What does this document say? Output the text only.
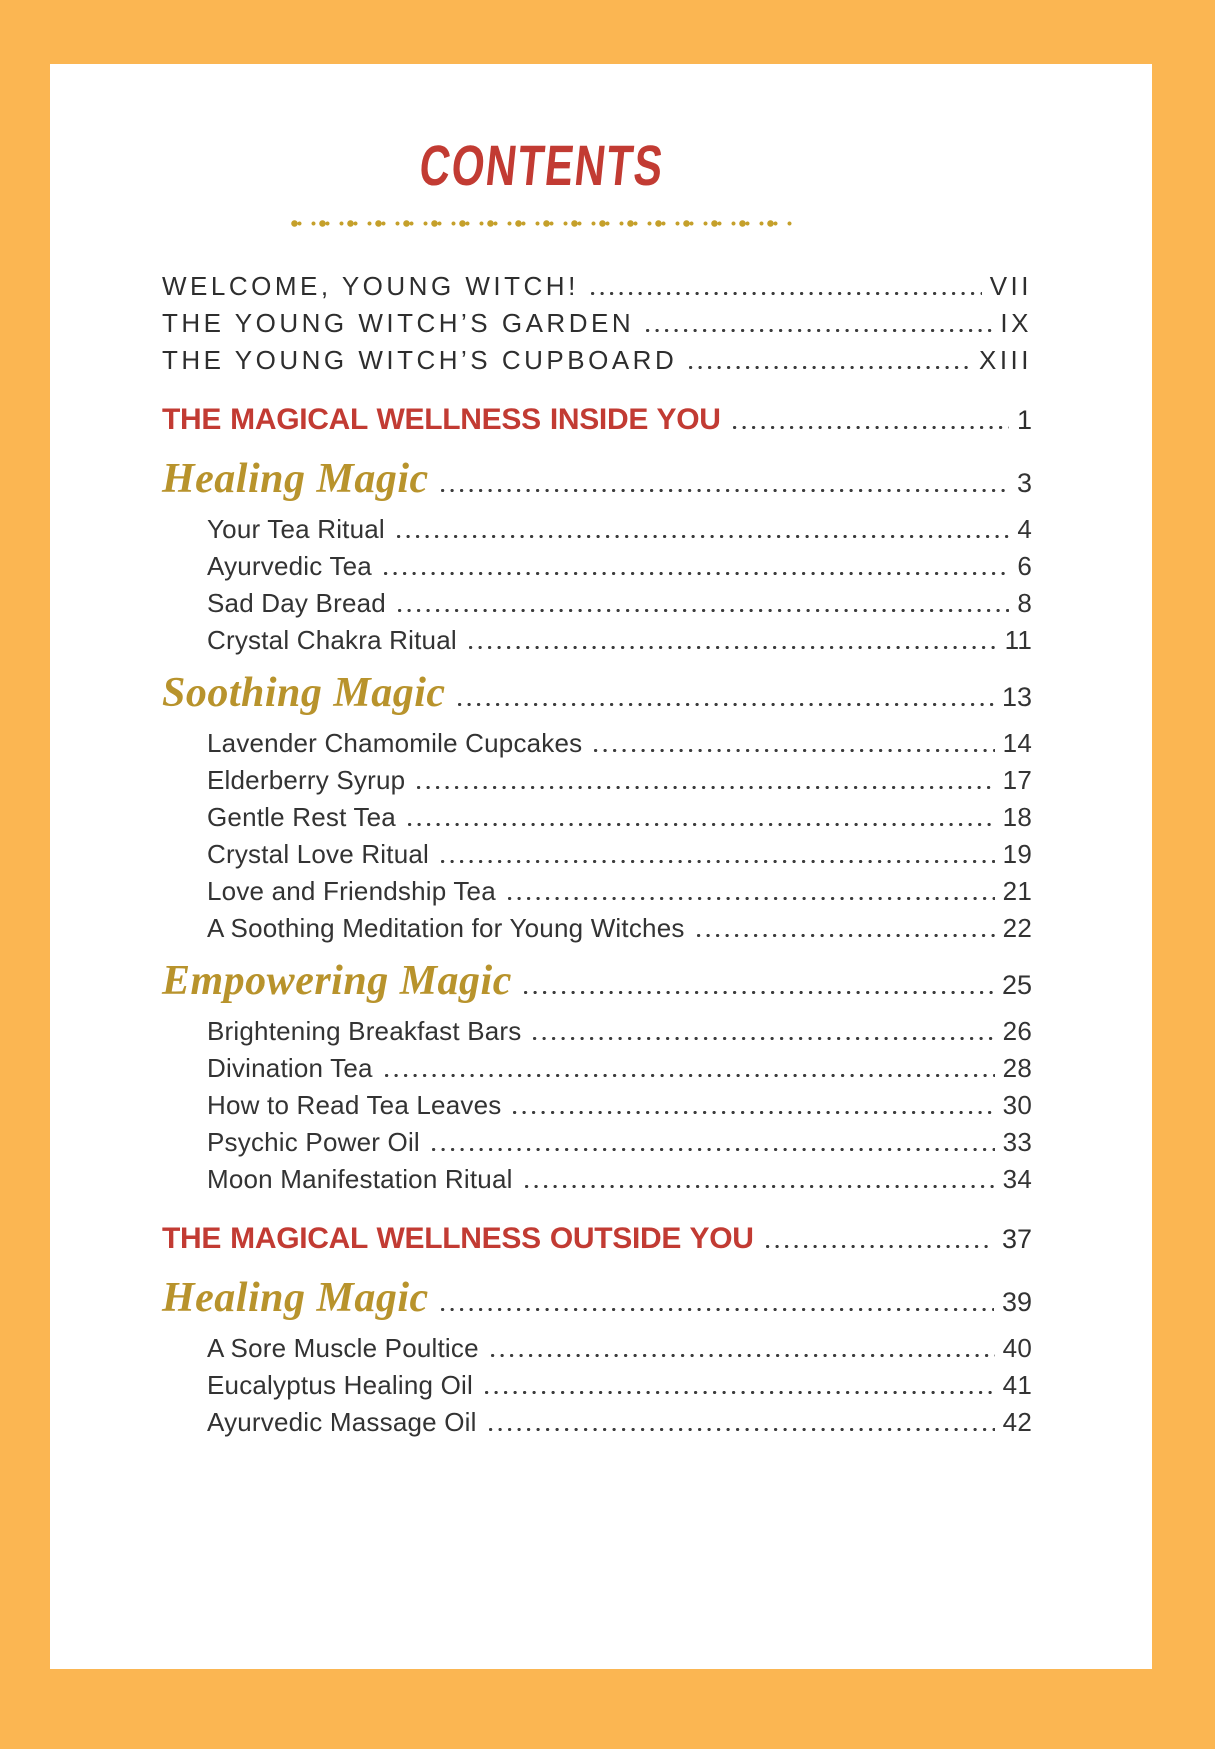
CONTENTS
WELCOME, YOUNG WITCH!	VII
THE YOUNG WITCH’S GARDEN	IX
THE YOUNG WITCH’S CUPBOARD	XIII
THE MAGICAL WELLNESS INSIDE YOU	1
Healing Magic	3
Your Tea Ritual	4
Ayurvedic Tea	6
Sad Day Bread	8
Crystal Chakra Ritual	11
Soothing Magic	13
Lavender Chamomile Cupcakes	14
Elderberry Syrup	17
Gentle Rest Tea	18
Crystal Love Ritual	19
Love and Friendship Tea	21
A Soothing Meditation for Young Witches	22
Empowering Magic	25
Brightening Breakfast Bars	26
Divination Tea	28
How to Read Tea Leaves	30
Psychic Power Oil	33
Moon Manifestation Ritual	34
THE MAGICAL WELLNESS OUTSIDE YOU	37
Healing Magic	39
A Sore Muscle Poultice	40
Eucalyptus Healing Oil	41
Ayurvedic Massage Oil	42
